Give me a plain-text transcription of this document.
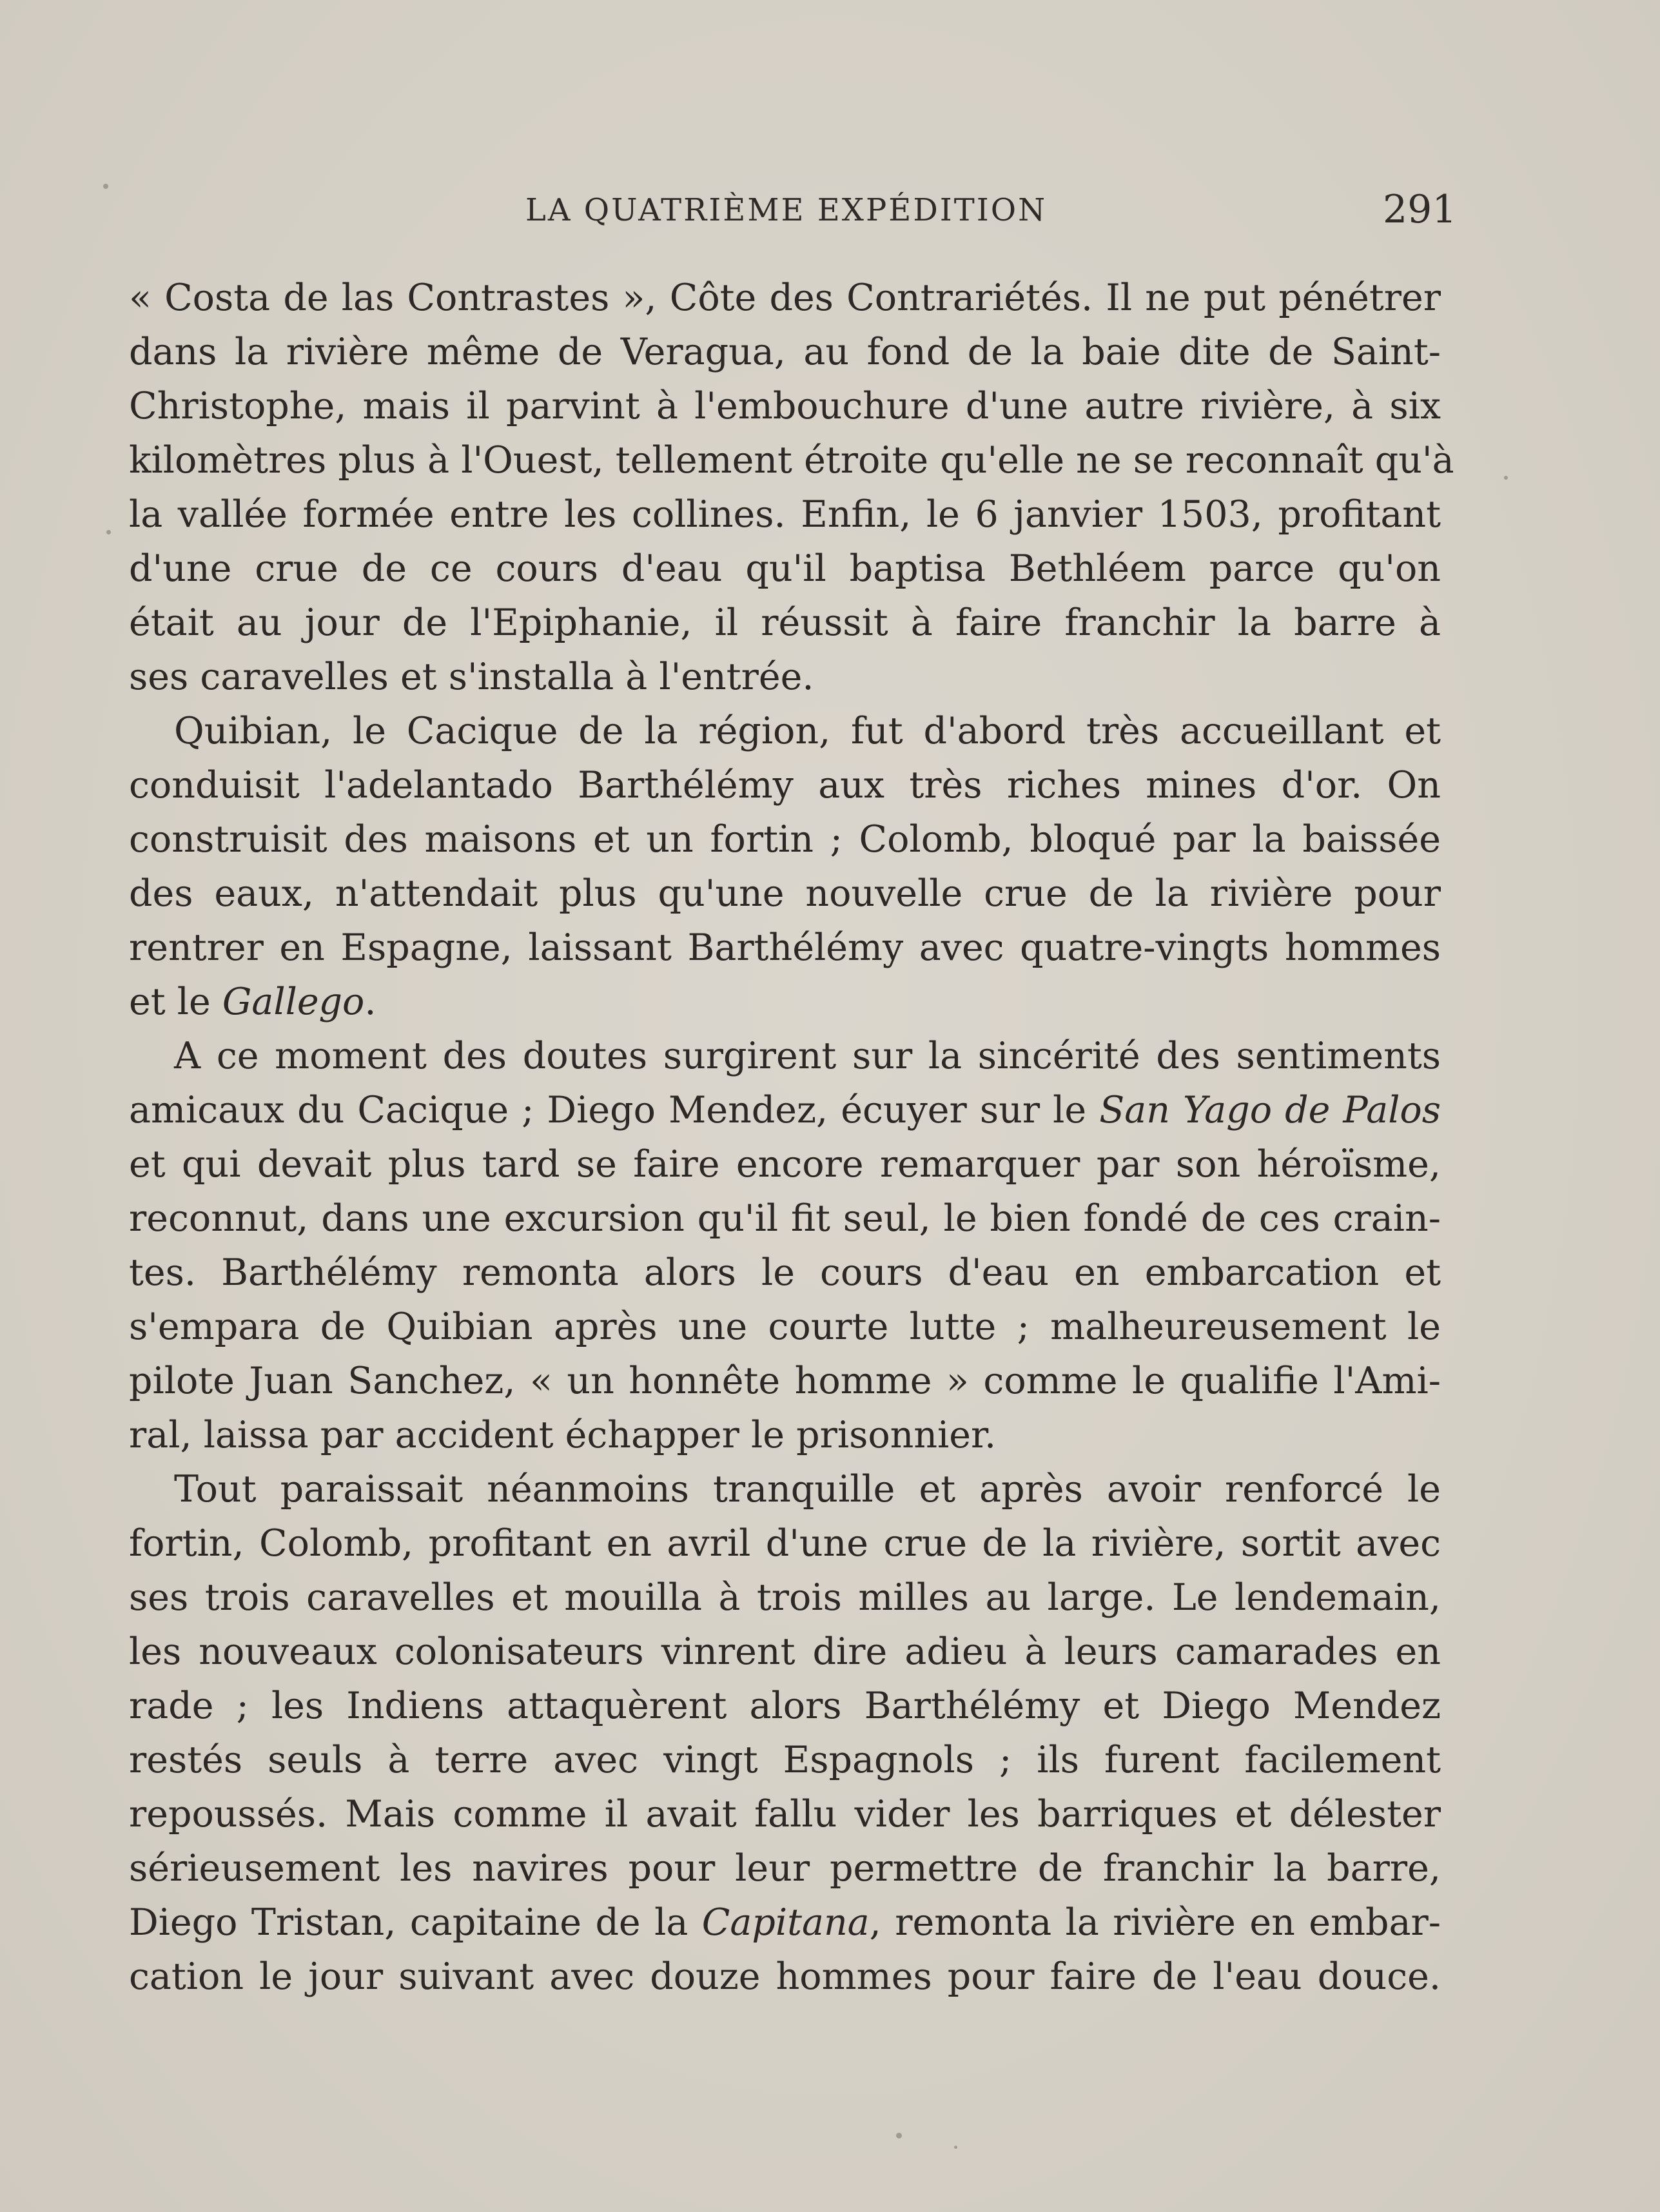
LA QUATRIÈME EXPÉDITION	291
« Costa de las Contrastes », Côte des Contrariétés. Il ne put pénétrer
dans la rivière même de Veragua, au fond de la baie dite de Saint-
Christophe, mais il parvint à l'embouchure d'une autre rivière, à six
kilomètres plus à l'Ouest, tellement étroite qu'elle ne se reconnaît qu'à
la vallée formée entre les collines. Enfin, le 6 janvier 1503, profitant
d'une crue de ce cours d'eau qu'il baptisa Bethléem parce qu'on
était au jour de l'Epiphanie, il réussit à faire franchir la barre à
ses caravelles et s'installa à l'entrée.
Quibian, le Cacique de la région, fut d'abord très accueillant et
conduisit l'adelantado Barthélémy aux très riches mines d'or. On
construisit des maisons et un fortin ; Colomb, bloqué par la baissée
des eaux, n'attendait plus qu'une nouvelle crue de la rivière pour
rentrer en Espagne, laissant Barthélémy avec quatre-vingts hommes
et le Gallego.
A ce moment des doutes surgirent sur la sincérité des sentiments
amicaux du Cacique ; Diego Mendez, écuyer sur le San Yago de Palos
et qui devait plus tard se faire encore remarquer par son héroïsme,
reconnut, dans une excursion qu'il fit seul, le bien fondé de ces crain-
tes. Barthélémy remonta alors le cours d'eau en embarcation et
s'empara de Quibian après une courte lutte ; malheureusement le
pilote Juan Sanchez, « un honnête homme » comme le qualifie l'Ami-
ral, laissa par accident échapper le prisonnier.
Tout paraissait néanmoins tranquille et après avoir renforcé le
fortin, Colomb, profitant en avril d'une crue de la rivière, sortit avec
ses trois caravelles et mouilla à trois milles au large. Le lendemain,
les nouveaux colonisateurs vinrent dire adieu à leurs camarades en
rade ; les Indiens attaquèrent alors Barthélémy et Diego Mendez
restés seuls à terre avec vingt Espagnols ; ils furent facilement
repoussés. Mais comme il avait fallu vider les barriques et délester
sérieusement les navires pour leur permettre de franchir la barre,
Diego Tristan, capitaine de la Capitana, remonta la rivière en embar-
cation le jour suivant avec douze hommes pour faire de l'eau douce.
